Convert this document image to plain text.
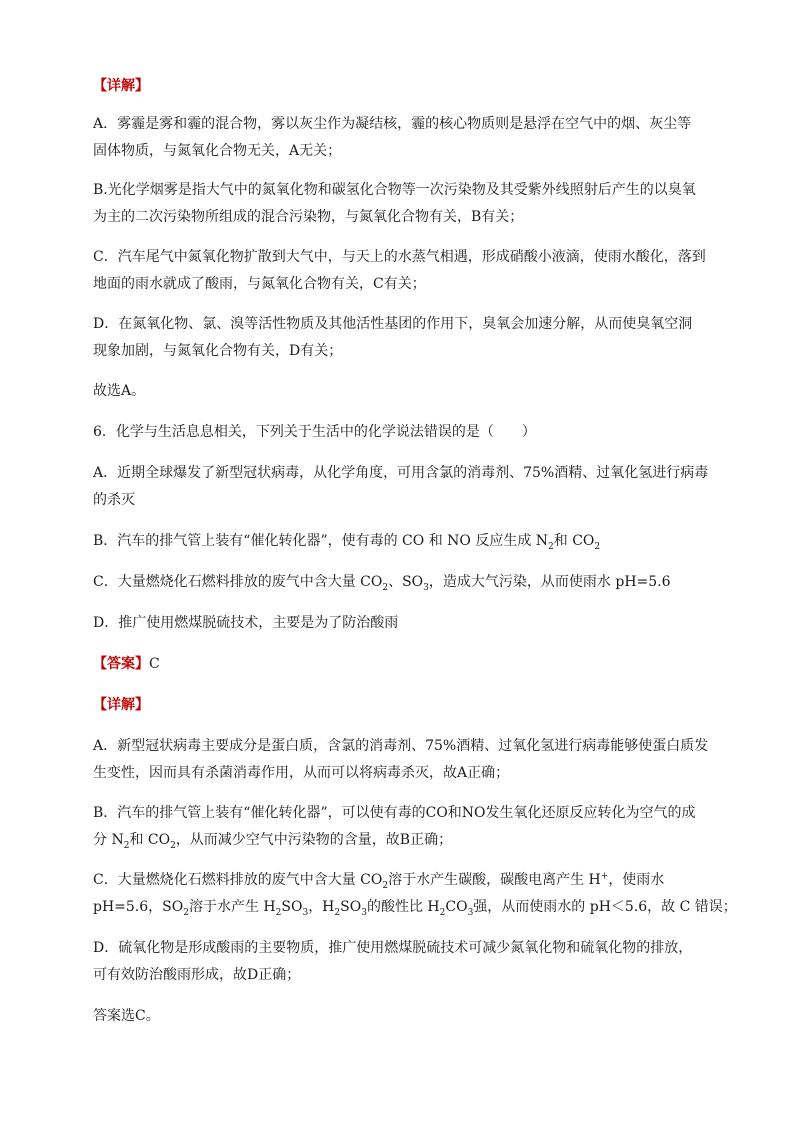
【详解】

A．雾霾是雾和霾的混合物，雾以灰尘作为凝结核，霾的核心物质则是悬浮在空气中的烟、灰尘等

固体物质，与氮氧化合物无关，A无关；

B.光化学烟雾是指大气中的氮氧化物和碳氢化合物等一次污染物及其受紫外线照射后产生的以臭氧

为主的二次污染物所组成的混合污染物，与氮氧化合物有关，B有关；

C．汽车尾气中氮氧化物扩散到大气中，与天上的水蒸气相遇，形成硝酸小液滴，使雨水酸化，落到

地面的雨水就成了酸雨，与氮氧化合物有关，C有关；

D．在氮氧化物、氯、溴等活性物质及其他活性基团的作用下，臭氧会加速分解，从而使臭氧空洞

现象加剧，与氮氧化合物有关，D有关；

故选A。

6．化学与生活息息相关，下列关于生活中的化学说法错误的是（　　）

A．近期全球爆发了新型冠状病毒，从化学角度，可用含氯的消毒剂、75%酒精、过氧化氢进行病毒

的杀灭

B．汽车的排气管上装有“催化转化器”，使有毒的 CO 和 NO 反应生成 $N_2$和 $CO_2$

C．大量燃烧化石燃料排放的废气中含大量 $CO_2$、$SO_3$，造成大气污染，从而使雨水 pH=5.6

D．推广使用燃煤脱硫技术，主要是为了防治酸雨

【答案】C

【详解】

A．新型冠状病毒主要成分是蛋白质，含氯的消毒剂、75%酒精、过氧化氢进行病毒能够使蛋白质发

生变性，因而具有杀菌消毒作用，从而可以将病毒杀灭，故A正确；

B．汽车的排气管上装有“催化转化器”，可以使有毒的CO和NO发生氧化还原反应转化为空气的成

分 $N_2$和 $CO_2$，从而减少空气中污染物的含量，故B正确；

C．大量燃烧化石燃料排放的废气中含大量 $CO_2$溶于水产生碳酸，碳酸电离产生 H+，使雨水

pH=5.6，$SO_2$溶于水产生 $H_2SO_3$，$H_2SO_3$的酸性比 $H_2CO_3$强，从而使雨水的 pH＜5.6，故 C 错误；

D．硫氧化物是形成酸雨的主要物质，推广使用燃煤脱硫技术可减少氮氧化物和硫氧化物的排放，

可有效防治酸雨形成，故D正确；

答案选C。
